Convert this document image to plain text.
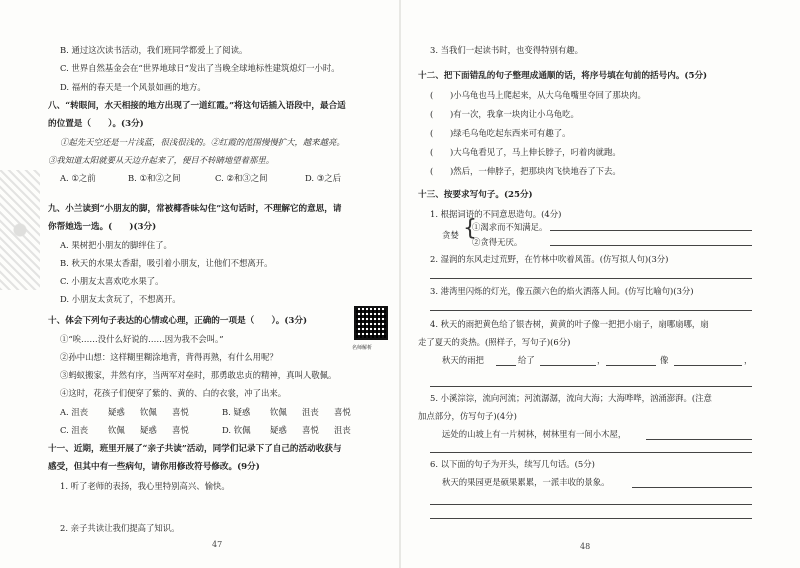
B. 通过这次读书活动，我们班同学都爱上了阅读。
C. 世界自然基金会在“世界地球日”发出了当晚全球地标性建筑熄灯一小时。
D. 福州的春天是一个风景如画的地方。
八、“转眼间，水天相接的地方出现了一道红霞。”将这句话插入语段中，最合适
的位置是（　　）。(3分)
①起先天空还是一片浅蓝，很浅很浅的。②红霞的范围慢慢扩大，越来越亮。
③我知道太阳就要从天边升起来了，便目不转睛地望着那里。
A. ①之前	B. ①和②之间	C. ②和③之间	D. ③之后
九、小兰读到“小朋友的脚，常被椰香味勾住”这句话时，不理解它的意思，请
你帮她选一选。(　　)(3分)
A. 果树把小朋友的脚绊住了。
B. 秋天的水果太香甜，吸引着小朋友，让他们不想离开。
C. 小朋友太喜欢吃水果了。
D. 小朋友太贪玩了，不想离开。
十、体会下列句子表达的心情或心理，正确的一项是（　　）。(3分)
名师解析
①“唉……没什么好说的……因为我不会叫。”
②孙中山想：这样糊里糊涂地背，背得再熟，有什么用呢？
③蚂蚁搬家，井然有序，当两军对垒时，那勇敢忠贞的精神，真叫人敬佩。
④这时，花孩子们便穿了紫的、黄的、白的衣裳，冲了出来。
A. 沮丧 疑惑 钦佩 喜悦	B. 疑惑 钦佩 沮丧 喜悦
C. 沮丧 钦佩 疑惑 喜悦	D. 钦佩 疑惑 喜悦 沮丧
十一、近期，班里开展了“亲子共读”活动，同学们记录下了自己的活动收获与
感受，但其中有一些病句，请你用修改符号修改。(9分)
1. 听了老师的表扬，我心里特别高兴、愉快。
2. 亲子共读让我们提高了知识。
47
3. 当我们一起读书时，也变得特别有趣。
十二、把下面错乱的句子整理成通顺的话，将序号填在句前的括号内。(5分)
(　　)小乌龟也马上爬起来，从大乌龟嘴里夺回了那块肉。
(　　)有一次，我拿一块肉让小乌龟吃。
(　　)绿毛乌龟吃起东西来可有趣了。
(　　)大乌龟看见了，马上伸长脖子，叼着肉就跑。
(　　)然后，一伸脖子，把那块肉飞快地吞了下去。
十三、按要求写句子。(25分)
1. 根据词语的不同意思造句。(4分)
贪婪 {
①渴求而不知满足。
②贪得无厌。
2. 湿润的东风走过荒野，在竹林中吹着风笛。(仿写拟人句)(3分)
3. 港湾里闪烁的灯光，像五颜六色的焰火洒落人间。(仿写比喻句)(3分)
4. 秋天的雨把黄色给了银杏树，黄黄的叶子像一把把小扇子，扇哪扇哪，扇
走了夏天的炎热。(照样子，写句子)(6分)
秋天的雨把	给了	，	像	，
5. 小溪淙淙，流向河流；河流潺潺，流向大海；大海哗哗，汹涌澎湃。(注意
加点部分，仿写句子)(4分)
远处的山坡上有一片树林，树林里有一间小木屋，
6. 以下面的句子为开头，续写几句话。(5分)
秋天的果园更是硕果累累，一派丰收的景象。
48
